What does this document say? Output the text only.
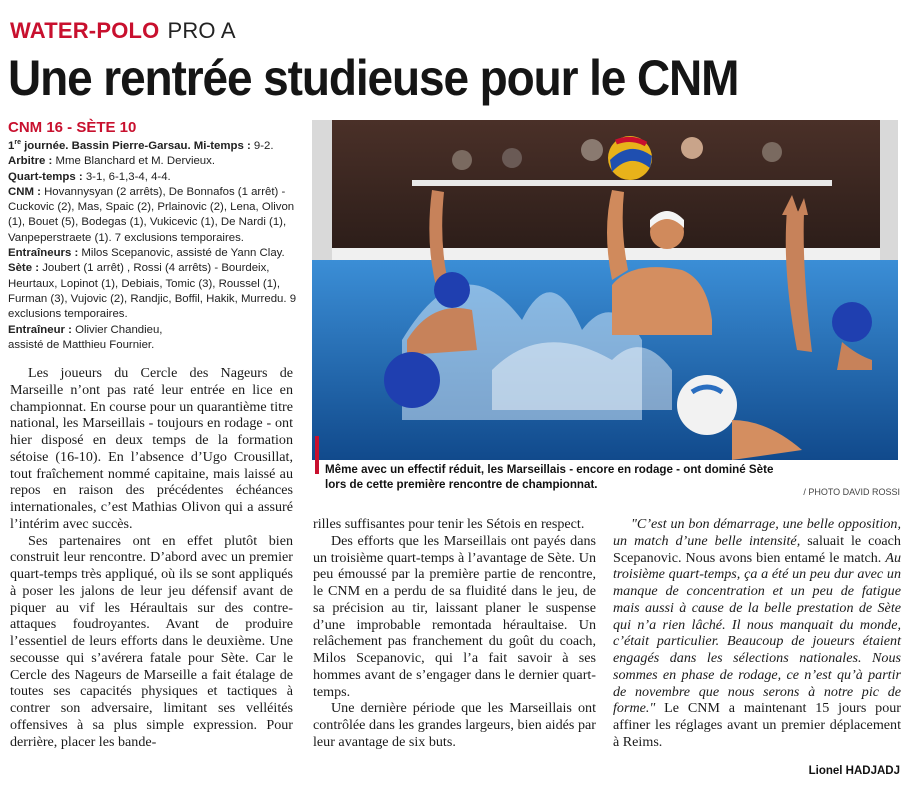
WATER-POLO PRO A
Une rentrée studieuse pour le CNM
CNM 16 - SÈTE 10

1re journée. Bassin Pierre-Garsau. Mi-temps : 9-2.

Arbitre : Mme Blanchard et M. Dervieux.

Quart-temps : 3-1, 6-1,3-4, 4-4.

CNM : Hovannysyan (2 arrêts), De Bonnafos (1 arrêt) - Cuckovic (2), Mas, Spaic (2), Prlainovic (2), Lena, Olivon (1), Bouet (5), Bodegas (1), Vukicevic (1), De Nardi (1), Vanpeperstraete (1). 7 exclusions temporaires.

Entraîneurs : Milos Scepanovic, assisté de Yann Clay.

Sète : Joubert (1 arrêt) , Rossi (4 arrêts) - Bourdeix, Heurtaux, Lopinot (1), Debiais, Tomic (3), Roussel (1), Furman (3), Vujovic (2), Randjic, Boffil, Hakik, Murredu. 9 exclusions temporaires.

Entraîneur : Olivier Chandieu,
assisté de Matthieu Fournier.

Même avec un effectif réduit, les Marseillais - encore en rodage - ont dominé Sète
lors de cette première rencontre de championnat.
/ PHOTO DAVID ROSSI

Les joueurs du Cercle des Nageurs de Marseille n’ont pas raté leur entrée en lice en championnat. En course pour un quarantième titre national, les Marseillais - toujours en rodage - ont hier disposé en deux temps de la formation sétoise (16-10). En l’absence d’Ugo Crousillat, tout fraîchement nommé capitaine, mais laissé au repos en raison des précédentes échéances internationales, c’est Mathias Olivon qui a assuré l’intérim avec succès.

Ses partenaires ont en effet plutôt bien construit leur rencontre. D’abord avec un premier quart-temps très appliqué, où ils se sont appliqués à poser les jalons de leur jeu défensif avant de piquer au vif les Héraultais sur des contre-attaques foudroyantes. Avant de produire l’essentiel de leurs efforts dans le deuxième. Une secousse qui s’avérera fatale pour Sète. Car le Cercle des Nageurs de Marseille a fait étalage de toutes ses capacités physiques et tactiques à contrer son adversaire, limitant ses velléités offensives à sa plus simple expression. Pour derrière, placer les bande-

rilles suffisantes pour tenir les Sétois en respect.

Des efforts que les Marseillais ont payés dans un troisième quart-temps à l’avantage de Sète. Un peu émoussé par la première partie de rencontre, le CNM en a perdu de sa fluidité dans le jeu, de sa précision au tir, laissant planer le suspense d’une improbable remontada héraultaise. Un relâchement pas franchement du goût du coach, Milos Scepanovic, qui l’a fait savoir à ses hommes avant de s’engager dans le dernier quart-temps.

Une dernière période que les Marseillais ont contrôlée dans les grandes largeurs, bien aidés par leur avantage de six buts.

"C’est un bon démarrage, une belle opposition, un match d’une belle intensité, saluait le coach Scepanovic. Nous avons bien entamé le match. Au troisième quart-temps, ça a été un peu dur avec un manque de concentration et un peu de fatigue mais aussi à cause de la belle prestation de Sète qui n’a rien lâché. Il nous manquait du monde, c’était particulier. Beaucoup de joueurs étaient engagés dans les sélections nationales. Nous sommes en phase de rodage, ce n’est qu’à partir de novembre que nous serons à notre pic de forme." Le CNM a maintenant 15 jours pour affiner les réglages avant un premier déplacement à Reims.

Lionel HADJADJ
